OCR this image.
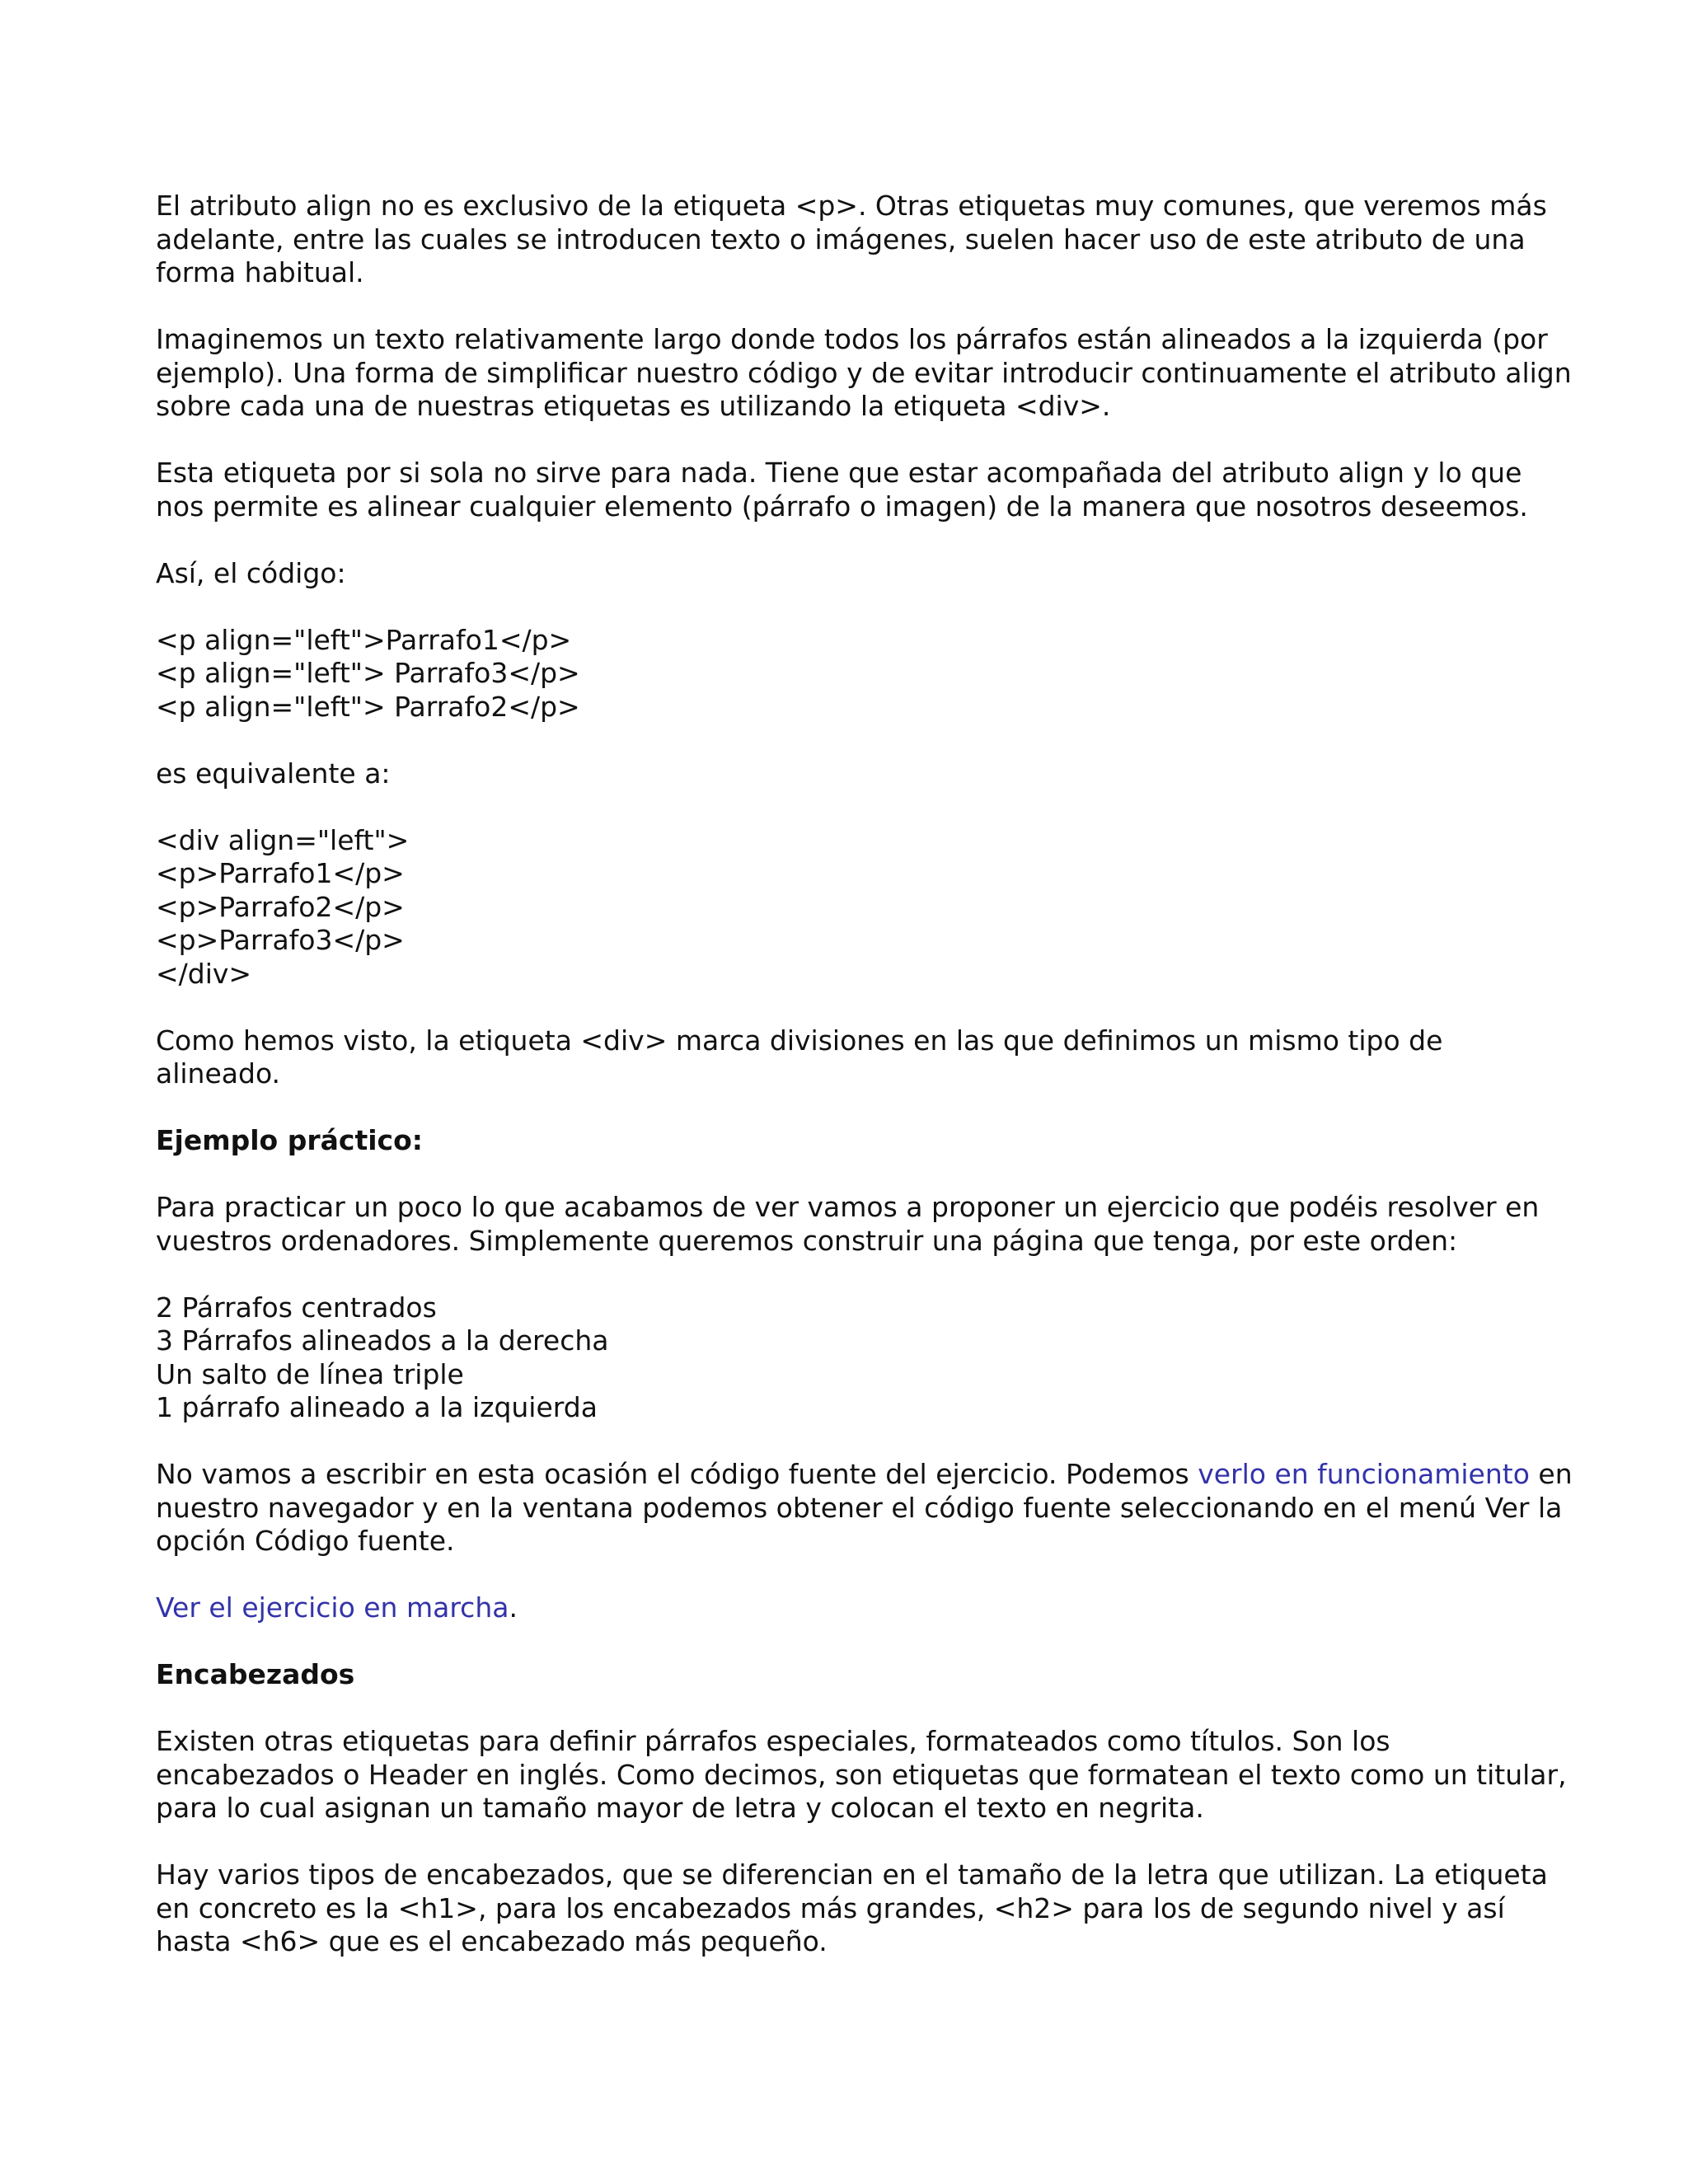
El atributo align no es exclusivo de la etiqueta <p>. Otras etiquetas muy comunes, que veremos más adelante, entre las cuales se introducen texto o imágenes, suelen hacer uso de este atributo de una forma habitual.

Imaginemos un texto relativamente largo donde todos los párrafos están alineados a la izquierda (por ejemplo). Una forma de simplificar nuestro código y de evitar introducir continuamente el atributo align sobre cada una de nuestras etiquetas es utilizando la etiqueta <div>.

Esta etiqueta por si sola no sirve para nada. Tiene que estar acompañada del atributo align y lo que nos permite es alinear cualquier elemento (párrafo o imagen) de la manera que nosotros deseemos.

Así, el código:

<p align="left">Parrafo1</p>
<p align="left"> Parrafo3</p>
<p align="left"> Parrafo2</p>

es equivalente a:

<div align="left">
<p>Parrafo1</p>
<p>Parrafo2</p>
<p>Parrafo3</p>
</div>

Como hemos visto, la etiqueta <div> marca divisiones en las que definimos un mismo tipo de alineado.

Ejemplo práctico:

Para practicar un poco lo que acabamos de ver vamos a proponer un ejercicio que podéis resolver en vuestros ordenadores. Simplemente queremos construir una página que tenga, por este orden:

2 Párrafos centrados
3 Párrafos alineados a la derecha
Un salto de línea triple
1 párrafo alineado a la izquierda

No vamos a escribir en esta ocasión el código fuente del ejercicio. Podemos verlo en funcionamiento en nuestro navegador y en la ventana podemos obtener el código fuente seleccionando en el menú Ver la opción Código fuente.

Ver el ejercicio en marcha.

Encabezados

Existen otras etiquetas para definir párrafos especiales, formateados como títulos. Son los encabezados o Header en inglés. Como decimos, son etiquetas que formatean el texto como un titular, para lo cual asignan un tamaño mayor de letra y colocan el texto en negrita.

Hay varios tipos de encabezados, que se diferencian en el tamaño de la letra que utilizan. La etiqueta en concreto es la <h1>, para los encabezados más grandes, <h2> para los de segundo nivel y así hasta <h6> que es el encabezado más pequeño.
